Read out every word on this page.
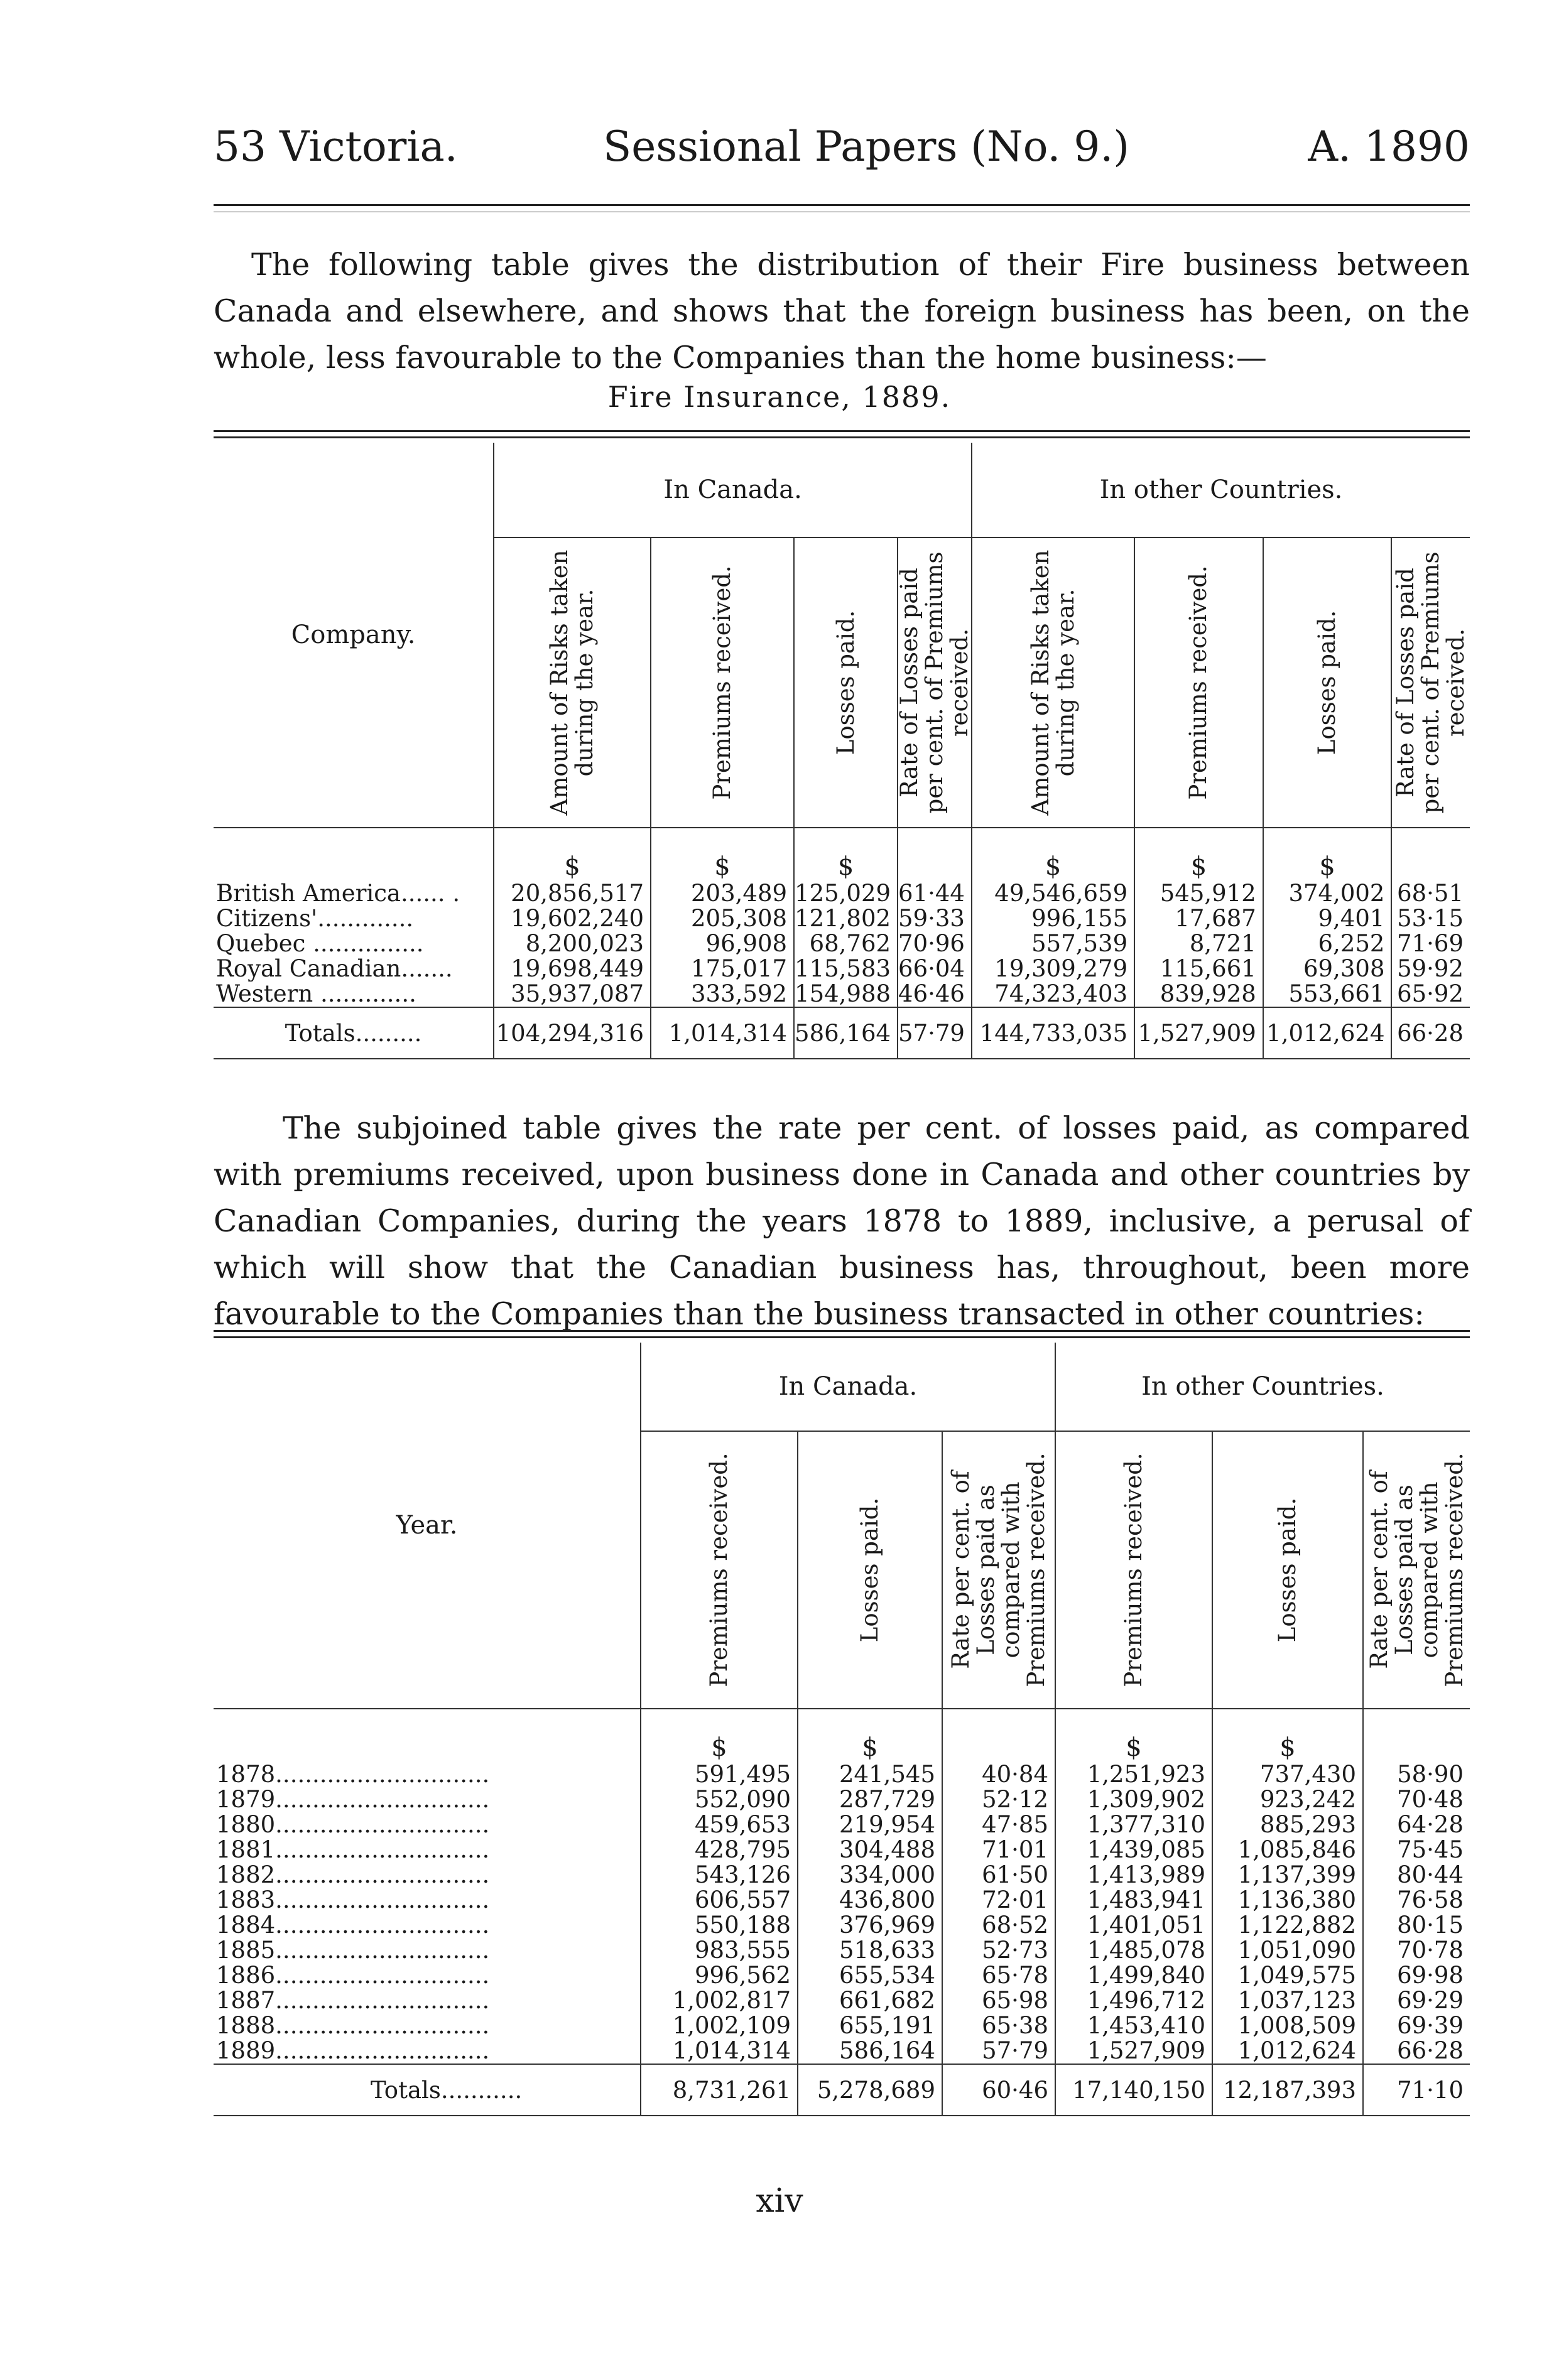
53 Victoria.	Sessional Papers (No. 9.)	A. 1890
The following table gives the distribution of their Fire business between Canada and elsewhere, and shows that the foreign business has been, on the whole, less favourable to the Companies than the home business:—
Fire Insurance, 1889.
Company.	In Canada.				In other Countries.			

	Amount of Risks taken during the year.	Premiums received.	Losses paid.	Rate of Losses paid per cent. of Premiums received.	Amount of Risks taken during the year.	Premiums received.	Losses paid.	Rate of Losses paid per cent. of Premiums received.

	$	$	$		$	$	$	
British America...... .	20,856,517	203,489	125,029	61·44	49,546,659	545,912	374,002	68·51
Citizens'.............	19,602,240	205,308	121,802	59·33	996,155	17,687	9,401	53·15
Quebec ...............	8,200,023	96,908	68,762	70·96	557,539	8,721	6,252	71·69
Royal Canadian.......	19,698,449	175,017	115,583	66·04	19,309,279	115,661	69,308	59·92
Western .............	35,937,087	333,592	154,988	46·46	74,323,403	839,928	553,661	65·92
Totals.........	104,294,316	1,014,314	586,164	57·79	144,733,035	1,527,909	1,012,624	66·28
The subjoined table gives the rate per cent. of losses paid, as compared with premiums received, upon business done in Canada and other countries by Canadian Companies, during the years 1878 to 1889, inclusive, a perusal of which will show that the Canadian business has, throughout, been more favourable to the Companies than the business transacted in other countries:
Year.	In Canada.			In other Countries.		

	Premiums received.	Losses paid.	Rate per cent. of Losses paid as compared with Premiums received.	Premiums received.	Losses paid.	Rate per cent. of Losses paid as compared with Premiums received.

	$	$		$	$	
1878.............................	591,495	241,545	40·84	1,251,923	737,430	58·90
1879.............................	552,090	287,729	52·12	1,309,902	923,242	70·48
1880.............................	459,653	219,954	47·85	1,377,310	885,293	64·28
1881.............................	428,795	304,488	71·01	1,439,085	1,085,846	75·45
1882.............................	543,126	334,000	61·50	1,413,989	1,137,399	80·44
1883.............................	606,557	436,800	72·01	1,483,941	1,136,380	76·58
1884.............................	550,188	376,969	68·52	1,401,051	1,122,882	80·15
1885.............................	983,555	518,633	52·73	1,485,078	1,051,090	70·78
1886.............................	996,562	655,534	65·78	1,499,840	1,049,575	69·98
1887.............................	1,002,817	661,682	65·98	1,496,712	1,037,123	69·29
1888.............................	1,002,109	655,191	65·38	1,453,410	1,008,509	69·39
1889.............................	1,014,314	586,164	57·79	1,527,909	1,012,624	66·28
Totals...........	8,731,261	5,278,689	60·46	17,140,150	12,187,393	71·10
xiv
